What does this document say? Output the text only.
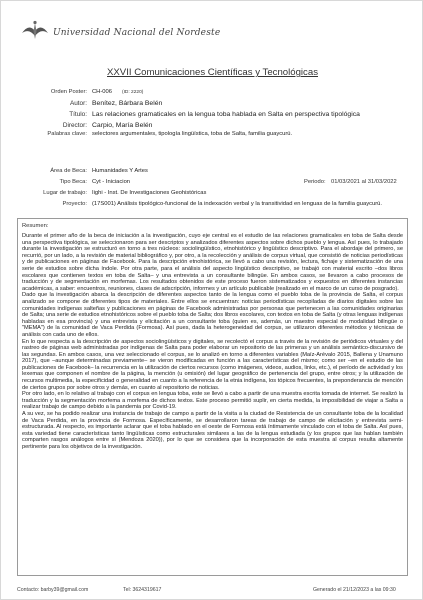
Universidad Nacional del Nordeste
XXVII Comunicaciones Científicas y Tecnológicas
Orden Poster: CH-006 (ID: 2220)
Autor: Benítez, Bárbara Belén
Título: Las relaciones gramaticales en la lengua toba hablada en Salta en perspectiva tipológica
Director: Carpio, María Belén
Palabras clave: selectores argumentales, tipología lingüística, toba de Salta, familia guaycurú.
Área de Beca: Humanidades Y Artes
Tipo Beca: Cyt - Iniciacion	Periodo: 01/03/2021 al 31/03/2022
Lugar de trabajo: Iighi - Inst. De Investigaciones Geohistóricas
Proyecto: (17S001) Análisis tipológico-funcional de la indexación verbal y la transitividad en lenguas de la familia guaycurú.
Resumen:

Durante el primer año de la beca de iniciación a la investigación, cuyo eje central es el estudio de las relaciones gramaticales en toba de Salta desde una perspectiva tipológica, se seleccionaron para ser descriptos y analizados diferentes aspectos sobre dichos pueblo y lengua. Así pues, lo trabajado durante la investigación se estructuró en torno a tres núcleos: sociolingüístico, etnohistórico y lingüístico descriptivo. Para el abordaje del primero, se recurrió, por un lado, a la revisión de material bibliográfico y, por otro, a la recolección y análisis de corpus virtual, que consistió de noticias periodísticas y de publicaciones en páginas de Facebook. Para la descripción etnohistórica, se llevó a cabo una revisión, lectura, fichaje y sistematización de una serie de estudios sobre dicha índole. Por otra parte, para el análisis del aspecto lingüístico descriptivo, se trabajó con material escrito –dos libros escolares que contienen textos en toba de Salta– y una entrevista a un consultante bilingüe. En ambos casos, se llevaron a cabo procesos de traducción y de segmentación en morfemas. Los resultados obtenidos de este proceso fueron sistematizados y expuestos en diferentes instancias académicas, a saber: encuentros, reuniones, clases de adscripción, informes y un artículo publicable (realizado en el marco de un curso de posgrado).

Dado que la investigación abarca la descripción de diferentes aspectos tanto de la lengua como el pueblo toba de la provincia de Salta, el corpus analizado se compone de diferentes tipos de materiales. Entre ellos se encuentran: noticias periodísticas recopiladas de diarios digitales sobre las comunidades indígenas salteñas y publicaciones en páginas de Facebook administradas por personas que pertenecen a las comunidades originarias de Salta; una serie de estudios etnohistóricos sobre el pueblo toba de Salta; dos libros escolares, con textos en toba de Salta (y otras lenguas indígenas habladas en esa provincia) y una entrevista y elicitación a un consultante toba (quien es, además, un maestro especial de modalidad bilingüe o "MEMA") de la comunidad de Vaca Perdida (Formosa). Así pues, dada la heterogeneidad del corpus, se utilizaron diferentes métodos y técnicas de análisis con cada uno de ellos.

En lo que respecta a la descripción de aspectos sociolingüísticos y digitales, se recolectó el corpus a través de la revisión de periódicos virtuales y del rastreo de páginas web administradas por indígenas de Salta para poder elaborar un repositorio de las primeras y un análisis semántico-discursivo de las segundas. En ambos casos, una vez seleccionado el corpus, se lo analizó en torno a diferentes variables (Maíz-Arévalo 2015, Ballena y Unamuno 2017), que –aunque determinadas previamente– se vieron modificadas en función a las características del mismo; como ser –en el estudio de las publicaciones de Facebook– la recurrencia en la utilización de ciertos recursos (como imágenes, videos, audios, links, etc.), el período de actividad y los lexemas que componen el nombre de la página, la mención (u omisión) del lugar geográfico de pertenencia del grupo, entre otros; y la utilización de recursos multimedia, la especificidad o generalidad en cuanto a la referencia de la etnia indígena, los tópicos frecuentes, la preponderancia de mención de ciertos grupos por sobre otros y demás, en cuanto al repositorio de noticias.

Por otro lado, en lo relativo al trabajo con el corpus en lengua toba, este se llevó a cabo a partir de una muestra escrita tomada de internet. Se realizó la traducción y la segmentación morfema a morfema de dichos textos. Este proceso permitió suplir, en cierta medida, la imposibilidad de viajar a Salta a realizar trabajo de campo debido a la pandemia por Covid-19.

A su vez, se ha podido realizar una instancia de trabajo de campo a partir de la visita a la ciudad de Resistencia de un consultante toba de la localidad de Vaca Perdida, en la provincia de Formosa. Específicamente, se desarrollaron tareas de trabajo de campo de elicitación y entrevista semi-estructurada. Al respecto, es importante aclarar que el toba hablado en el oeste de Formosa está íntimamente vinculado con el toba de Salta. Así pues, esta variedad tiene características tanto lingüísticas como estructurales similares a las de la lengua estudiada (y los grupos que las hablan también comparten rasgos análogos entre sí (Mendoza 2020)), por lo que se considera que la incorporación de esta muestra al corpus resulta altamente pertinente para los objetivos de la investigación.

Contacto: barby39@gmail.com	Tel: 3624319617	Generado el 21/12/2023 a las 09:30
